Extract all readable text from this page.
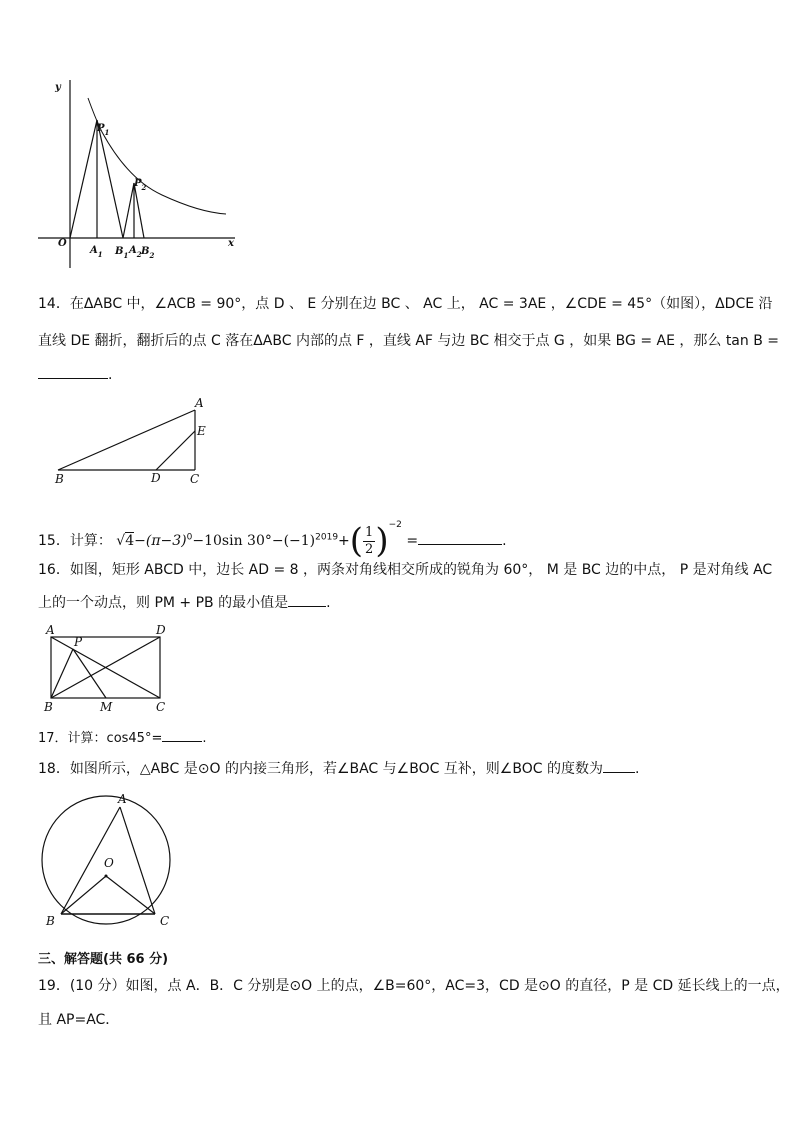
y
x
O
$P_1$
$P_2$
$A_1$ $B_1$ $A_2$ $B_2$
14．在ΔABC 中，∠ACB = 90°，点 D 、 E 分别在边 BC 、 AC 上， AC = 3AE ，∠CDE = 45°（如图），ΔDCE 沿
直线 DE 翻折，翻折后的点 C 落在ΔABC 内部的点 F ，直线 AF 与边 BC 相交于点 G ，如果 BG = AE ，那么 tan B =
.
A
E
B	D C
15．计算： $√4-(\pi-3)^0-10\sin$ $30^\circ-(-1)^{2019}+( \frac{1}{2} )^{-2}$ =	.
16．如图，矩形 ABCD 中，边长 AD = 8 ，两条对角线相交所成的锐角为 60°， M 是 BC 边的中点， P 是对角线 AC
上的一个动点，则 PM + PB 的最小值是	.
A
P
D
B	M	C
17．计算：cos45°=	.
18．如图所示，△ABC 是⊙O 的内接三角形，若∠BAC 与∠BOC 互补，则∠BOC 的度数为 .
A
O
B	C
三、解答题(共 66 分)
19．(10 分）如图，点 A．B．C 分别是⊙O 上的点，∠B=60°，AC=3，CD 是⊙O 的直径，P 是 CD 延长线上的一点，
且 AP=AC．
